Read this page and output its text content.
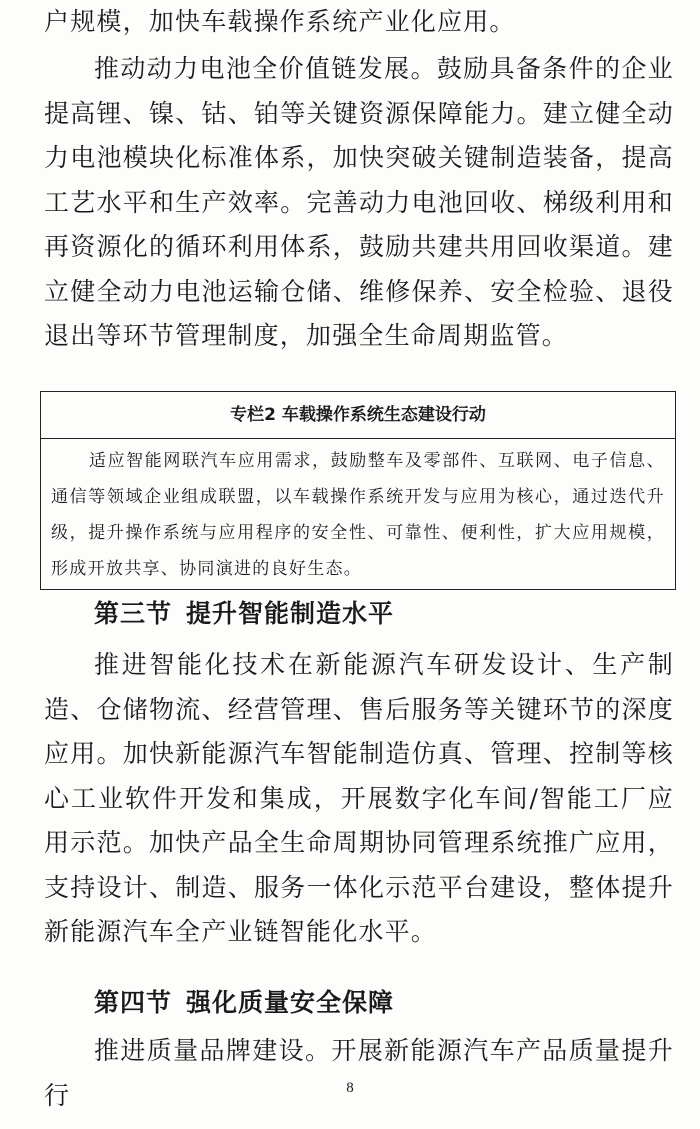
户规模，加快车载操作系统产业化应用。

推动动力电池全价值链发展。鼓励具备条件的企业提高锂、镍、钴、铂等关键资源保障能力。建立健全动力电池模块化标准体系，加快突破关键制造装备，提高工艺水平和生产效率。完善动力电池回收、梯级利用和再资源化的循环利用体系，鼓励共建共用回收渠道。建立健全动力电池运输仓储、维修保养、安全检验、退役退出等环节管理制度，加强全生命周期监管。

专栏2 车载操作系统生态建设行动

适应智能网联汽车应用需求，鼓励整车及零部件、互联网、电子信息、通信等领域企业组成联盟，以车载操作系统开发与应用为核心，通过迭代升级，提升操作系统与应用程序的安全性、可靠性、便利性，扩大应用规模，形成开放共享、协同演进的良好生态。

第三节 提升智能制造水平

推进智能化技术在新能源汽车研发设计、生产制造、仓储物流、经营管理、售后服务等关键环节的深度应用。加快新能源汽车智能制造仿真、管理、控制等核心工业软件开发和集成，开展数字化车间/智能工厂应用示范。加快产品全生命周期协同管理系统推广应用，支持设计、制造、服务一体化示范平台建设，整体提升新能源汽车全产业链智能化水平。

第四节 强化质量安全保障

推进质量品牌建设。开展新能源汽车产品质量提升行	8
